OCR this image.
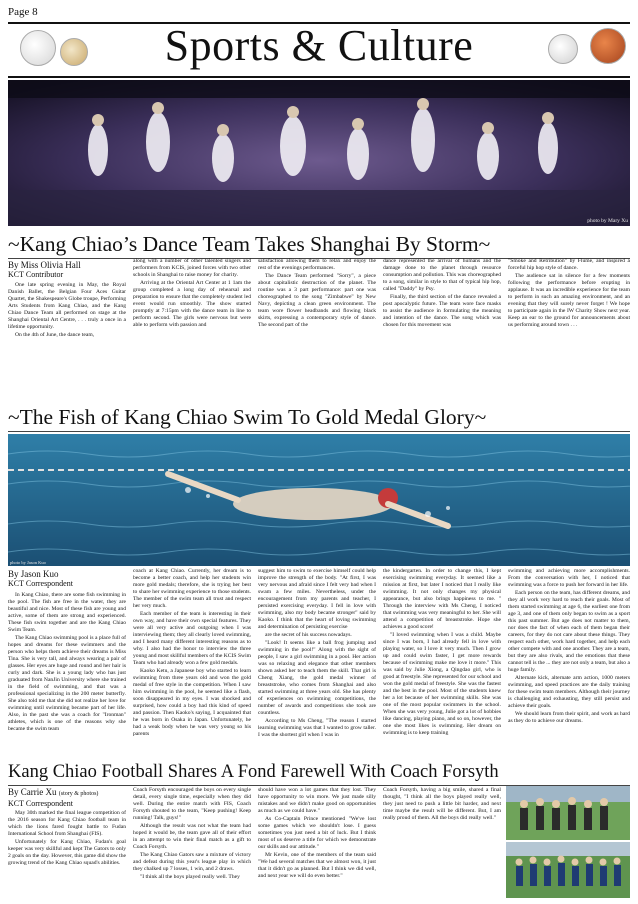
Page 8
Sports & Culture
photo by Mary Xu
~Kang Chiao’s Dance Team Takes Shanghai By Storm~
By Miss Olivia Hall
KCT Contributor

One late spring evening in May, the Royal Danish Ballet, the Belgian Four Aces Guitar Quartet, the Shakespeare's Globe troupe, Performing Arts Students from Kang Chiao, and the Kang Chiao Dance Team all performed on stage at the Shanghai Oriental Art Centre, . . . truly a once in a lifetime opportunity.

On the 4th of June, the dance team,

along with a number of other talented singers and performers from KCIS, joined forces with two other schools in Shanghai to raise money for charity.

Arriving at the Oriental Art Center at 1 1am the group completed a long day of rehearsal and preparation to ensure that the completely student led event would run smoothly. The show started promptly at 7:15pm with the dance team in line to perform second. The girls were nervous but were able to perform with passion and

satisfaction allowing them to relax and enjoy the rest of the evenings performances.

The Dance Team performed "Sorry", a piece about capitalistic destruction of the planet. The routine was a 3 part performance: part one was choreographed to the song "Zimbabwe" by New Navy, depicting a clean green environment. The team wore flower headbands and flowing black skirts, expressing a contemporary style of dance. The second part of the

dance represented the arrival of humans and the damage done to the planet through resource consumption and pollution. This was choreographed to a song, similar in style to that of typical hip hop, called "Daddy" by Psy.

Finally, the third section of the dance revealed a post apocalyptic future. The team wore face masks to assist the audience in formulating the meaning and intention of the dance. The song which was chosen for this movement was

"Smoke and Retribution" by Flume, and inspired a forceful hip hop style of dance.

The audience sat in silence for a few moments following the performance before erupting in applause. It was an incredible experience for the team to perform in such an amazing environment, and an evening that they will surely never forget ! We hope to participate again in the IW Charity Show next year. Keep an ear to the ground for announcements about us performing around town . . .

~The Fish of Kang Chiao Swim To Gold Medal Glory~
photo by Jason Kuo
By Jason Kuo
KCT Correspondent

In Kang Chiao, there are some fish swimming in the pool. The fish are free in the water, they are beautiful and nice. Most of these fish are young and active, some of them are strong and experienced. These fish swim together and are the Kang Chiao Swim Team.

The Kang Chiao swimming pool is a place full of hopes and dreams for these swimmers and the person who helps them achieve their dreams is Miss Tina. She is very tall, and always wearing a pair of glasses. Her eyes are huge and round and her hair is curly and dark. She is a young lady who has just graduated from NanJin University where she trained in the field of swimming, and that was a professional specializing in the 200 meter butterfly. She also told me that she did not realize her love for swimming until swimming became part of her life. Also, in the past she was a coach for "Ironman" athletes, which is one of the reasons why she became the swim team

coach at Kang Chiao. Currently, her dream is to become a better coach, and help her students win more gold medals; therefore, she is trying her best to share her swimming experience to those students. The member of the swim team all trust and respect her very much.

Each member of the team is interesting in their own way, and have their own special features. They were all very active and outgoing when I was interviewing them; they all clearly loved swimming, and I heard many different interesting reasons as to why. I also had the honor to interview the three young and most skillful members of the KCIS Swim Team who had already won a few gold medals.

Kaoko Ketu, a Japanese boy who started to learn swimming from three years old and won the gold medal of free style in the competition. When I saw him swimming in the pool, he seemed like a flash, soon disappeared in my eyes. I was shocked and surprised, how could a boy had this kind of speed and passion. Then Kaoko's saying, I acquainted that he was born in Osaka in Japan. Unfortunately, he had a weak body when he was very young so his parents

suggest him to swim to exercise himself could help improve the strength of the body. "At first, I was very nervous and afraid since I felt very bad when I swam a few miles. Nevertheless, under the encouragement from my parents and teacher, I persisted exercising everyday. I fell in love with swimming, also my body became stronger" said by Kaoko. I think that the heart of loving swimming and determination of persisting exercise

are the secret of his success nowadays.

"Look! It seems like a ball frog jumping and swimming in the pool!" Along with the sight of people, I saw a girl swimming in a pool. Her action was so relaxing and elegance that other members shown asked her to teach them the skill. That girl is Cheng Xiang, the gold medal winner of breaststroke, who comes from Shanghai and also started swimming at three years old. She has plenty of experiences on swimming competitions, the number of awards and competitions she took are countless.

According to Ms Cheng, "The reason I started learning swimming was that I wanted to grow taller. I was the shortest girl when I was in

the kindergarten. In order to change this, I kept exercising swimming everyday. It seemed like a mission at first, but later I noticed that I really like swimming. It not only changes my physical appearance, but also brings happiness to me. " Through the interview with Ms Cheng, I noticed that swimming was very meaningful to her. She will attend a competition of breaststroke. Hope she achieves a good score!

"I loved swimming when I was a child. Maybe since I was born, I had already fell in love with playing water, so I love it very much. Then I grow up and could swim faster, I get more rewards because of swimming make me love it more." This was said by Julie Xiong, a Qingdao girl, who is good at freestyle. She represented for our school and won the gold medal of freestyle. She was the fastest and the best in the pool. Most of the students knew her a lot because of her swimming skills. She was one of the most popular swimmers in the school. When she was very young, Julie got a lot of hobbies like dancing, playing piano, and so on, however, the one she most likes is swimming. Her dream on swimming is to keep training

swimming and achieving more accomplishments. From the conversation with her, I noticed that swimming was a force to push her forward in her life.

Each person on the team, has different dreams, and they all work very hard to reach their goals. Most of them started swimming at age 6, the earliest one from age 3, and one of them only began to swim as a sport this past summer. But age does not matter to them, nor does the fact of when each of them began their careers, for they do not care about these things. They respect each other, work hard together, and help each other compete with and one another. They are a team, but they are also rivals, and the emotions that these cannot tell is the ... they are not only a team, but also a huge family.

Alternate kick, alternate arm action, 1000 meters swimming, and speed practices are the daily training for these swim team members. Although their journey is challenging and exhausting, they still persist and achieve their goals.

We should learn from their spirit, and work as hard as they do to achieve our dreams.

Kang Chiao Football Shares A Fond Farewell With Coach Forsyth
By Carrie Xu (story & photos)
KCT Correspondent

May 30th marked the final league competition of the 2016 season for Kang Chiao football team in which the lions fared fought battle to Fudan International School from Shanghai (FIS).

Unfortunately for Kang Chiao, Fudan's goal keeper was very skillful and kept The Gators to only 2 goals on the day. However, this game did show the growing trend of the Kang Chiao squad's abilities.

Coach Forsyth encouraged the boys on every single detail, every single time, especially when they did well. During the entire match with FIS, Coach Forsyth shouted to the team, "Keep pushing! Keep running! Talk, guys!"

Although the result was not what the team had hoped it would be, the team gave all of their effort in an attempt to win their final match as a gift to Coach Forsyth.

The Kang Chiao Gators saw a mixture of victory and defeat during this year's league play in which they chalked up 7 losses, 1 win, and 2 draws.

"I think all the boys played really well. They

should have won a lot games that they lost. They have opportunity to win more. We just made silly mistakes and we didn't make good on opportunities as much as we could have."

As Co-Captain Prince mentioned "We've lost some games which we shouldn't lose. I guess sometimes you just need a bit of luck. But I think most of us deserve a title for which we demonstrate our skills and our attitude."

Mr Kevin, one of the members of the team said "We had several matches that we almost won, it just that it didn't go as planned. But I think we did well, and next year we will do even better."

Coach Forsyth, having a big smile, shared a final thought, "I think all the boys played really well, they just need to push a little bit harder, and next time maybe the result will be different. But, I am really proud of them. All the boys did really well."
